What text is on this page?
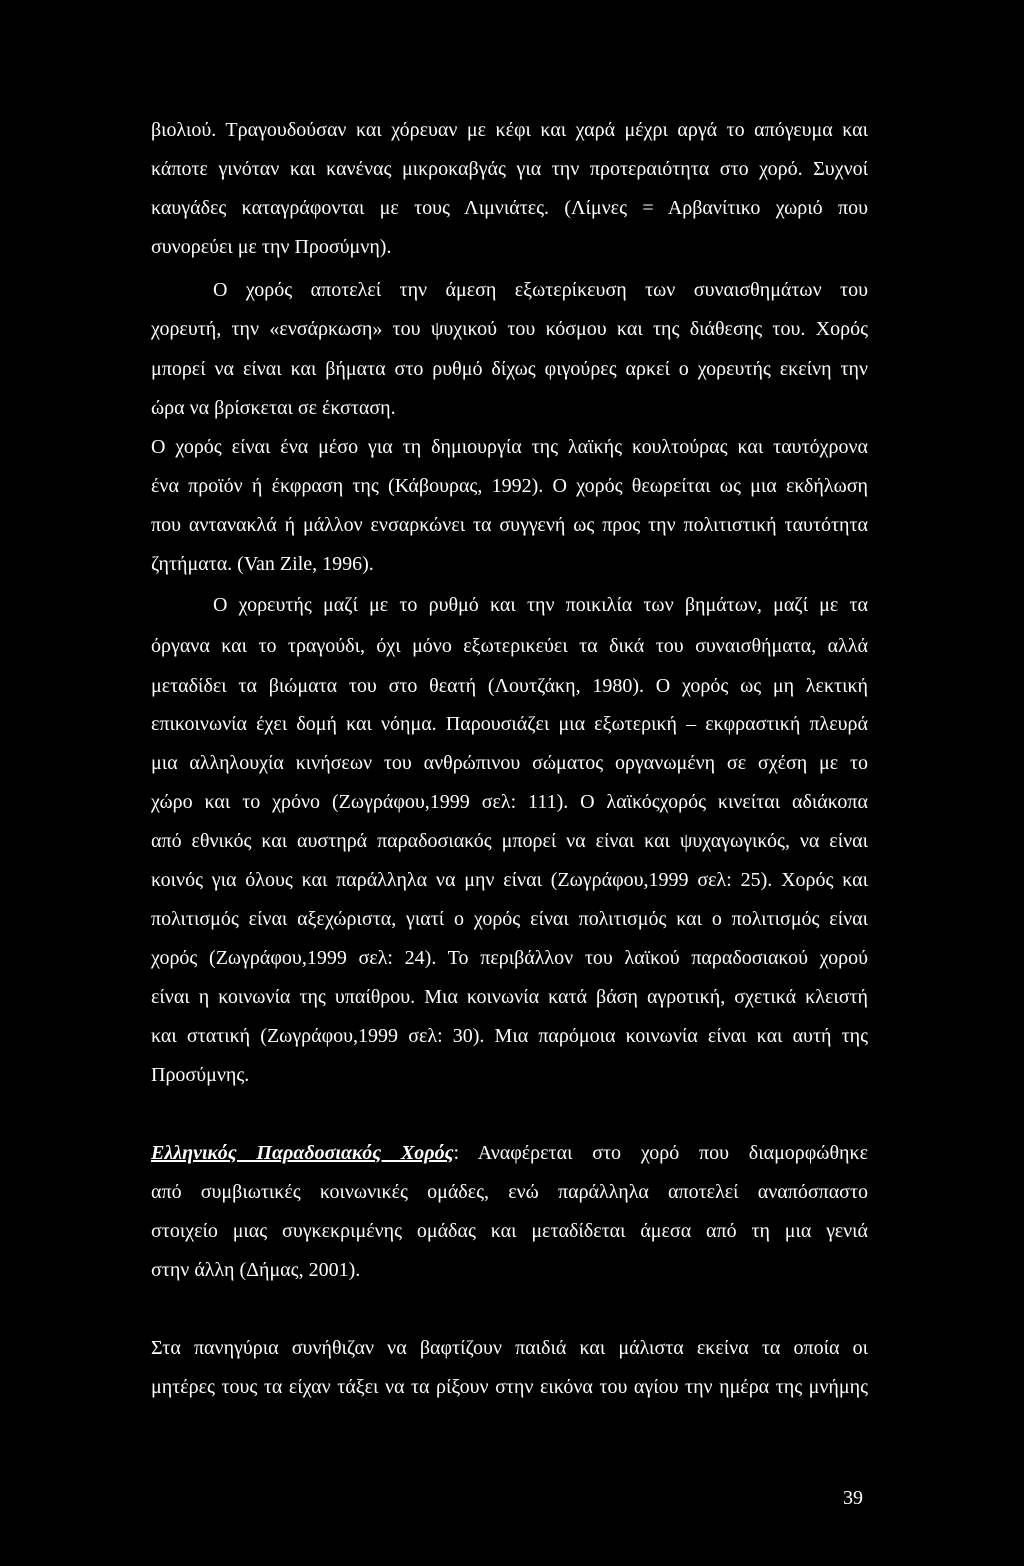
βιολιού. Τραγουδούσαν και χόρευαν με κέφι και χαρά μέχρι αργά το απόγευμα και
κάποτε γινόταν και κανένας μικροκαβγάς για την προτεραιότητα στο χορό. Συχνοί
καυγάδες καταγράφονται με τους Λιμνιάτες. (Λίμνες = Αρβανίτικο χωριό που
συνορεύει με την Προσύμνη).
Ο χορός αποτελεί την άμεση εξωτερίκευση των συναισθημάτων του
χορευτή, την «ενσάρκωση» του ψυχικού του κόσμου και της διάθεσης του. Χορός
μπορεί να είναι και βήματα στο ρυθμό δίχως φιγούρες αρκεί ο χορευτής εκείνη την
ώρα να βρίσκεται σε έκσταση.
Ο χορός είναι ένα μέσο για τη δημιουργία της λαϊκής κουλτούρας και ταυτόχρονα
ένα προϊόν ή έκφραση της (Κάβουρας, 1992). Ο χορός θεωρείται ως μια εκδήλωση
που αντανακλά ή μάλλον ενσαρκώνει τα συγγενή ως προς την πολιτιστική ταυτότητα
ζητήματα. (Van Zile, 1996).
Ο χορευτής μαζί με το ρυθμό και την ποικιλία των βημάτων, μαζί με τα
όργανα και το τραγούδι, όχι μόνο εξωτερικεύει τα δικά του συναισθήματα, αλλά
μεταδίδει τα βιώματα του στο θεατή (Λουτζάκη, 1980). Ο χορός ως μη λεκτική
επικοινωνία έχει δομή και νόημα. Παρουσιάζει μια εξωτερική – εκφραστική πλευρά
μια αλληλουχία κινήσεων του ανθρώπινου σώματος οργανωμένη σε σχέση με το
χώρο και το χρόνο (Ζωγράφου,1999 σελ: 111). Ο λαϊκόςχορός κινείται αδιάκοπα
από εθνικός και αυστηρά παραδοσιακός μπορεί να είναι και ψυχαγωγικός, να είναι
κοινός για όλους και παράλληλα να μην είναι (Ζωγράφου,1999 σελ: 25). Χορός και
πολιτισμός είναι αξεχώριστα, γιατί ο χορός είναι πολιτισμός και ο πολιτισμός είναι
χορός (Ζωγράφου,1999 σελ: 24). Το περιβάλλον του λαϊκού παραδοσιακού χορού
είναι η κοινωνία της υπαίθρου. Μια κοινωνία κατά βάση αγροτική, σχετικά κλειστή
και στατική (Ζωγράφου,1999 σελ: 30). Μια παρόμοια κοινωνία είναι και αυτή της
Προσύμνης.
Ελληνικός Παραδοσιακός Χορός: Αναφέρεται στο χορό που διαμορφώθηκε
από συμβιωτικές κοινωνικές ομάδες, ενώ παράλληλα αποτελεί αναπόσπαστο
στοιχείο μιας συγκεκριμένης ομάδας και μεταδίδεται άμεσα από τη μια γενιά
στην άλλη (Δήμας, 2001).
Στα πανηγύρια συνήθιζαν να βαφτίζουν παιδιά και μάλιστα εκείνα τα οποία οι
μητέρες τους τα είχαν τάξει να τα ρίξουν στην εικόνα του αγίου την ημέρα της μνήμης
39
